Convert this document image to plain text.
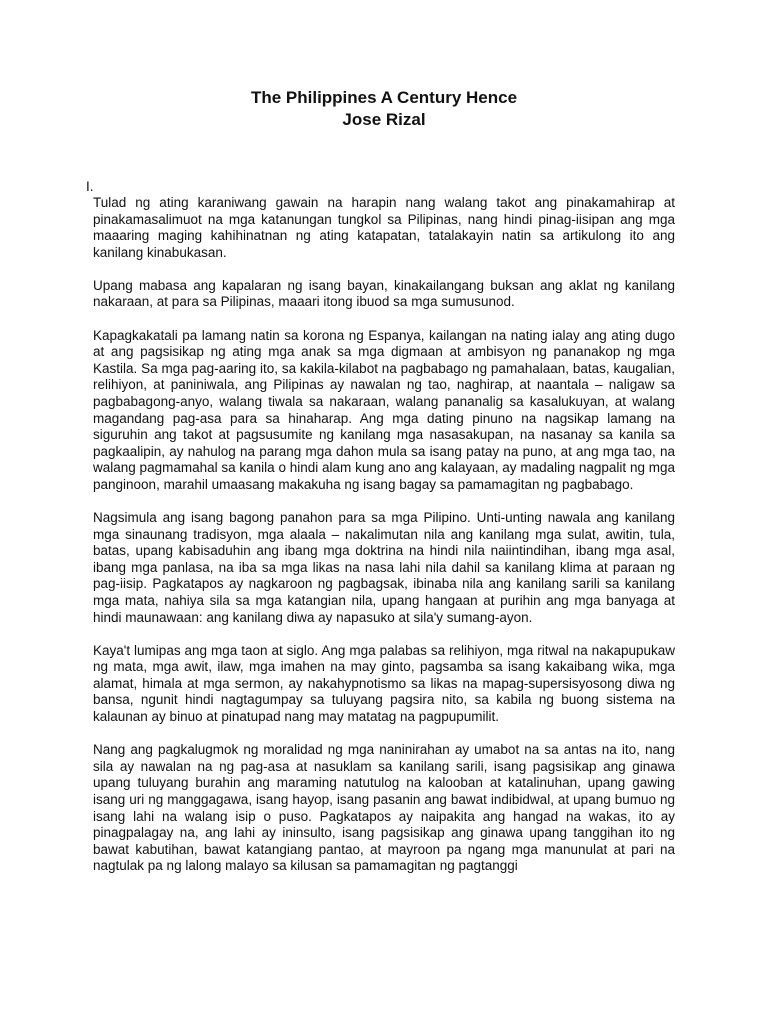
The Philippines A Century Hence
Jose Rizal
I.

Tulad ng ating karaniwang gawain na harapin nang walang takot ang pinakamahirap at pinakamasalimuot na mga katanungan tungkol sa Pilipinas, nang hindi pinag-iisipan ang mga maaaring maging kahihinatnan ng ating katapatan, tatalakayin natin sa artikulong ito ang kanilang kinabukasan.

Upang mabasa ang kapalaran ng isang bayan, kinakailangang buksan ang aklat ng kanilang nakaraan, at para sa Pilipinas, maaari itong ibuod sa mga sumusunod.

Kapagkakatali pa lamang natin sa korona ng Espanya, kailangan na nating ialay ang ating dugo at ang pagsisikap ng ating mga anak sa mga digmaan at ambisyon ng pananakop ng mga Kastila. Sa mga pag-aaring ito, sa kakila-kilabot na pagbabago ng pamahalaan, batas, kaugalian, relihiyon, at paniniwala, ang Pilipinas ay nawalan ng tao, naghirap, at naantala – naligaw sa pagbabagong-anyo, walang tiwala sa nakaraan, walang pananalig sa kasalukuyan, at walang magandang pag-asa para sa hinaharap. Ang mga dating pinuno na nagsikap lamang na siguruhin ang takot at pagsusumite ng kanilang mga nasasakupan, na nasanay sa kanila sa pagkaalipin, ay nahulog na parang mga dahon mula sa isang patay na puno, at ang mga tao, na walang pagmamahal sa kanila o hindi alam kung ano ang kalayaan, ay madaling nagpalit ng mga panginoon, marahil umaasang makakuha ng isang bagay sa pamamagitan ng pagbabago.

Nagsimula ang isang bagong panahon para sa mga Pilipino. Unti-unting nawala ang kanilang mga sinaunang tradisyon, mga alaala – nakalimutan nila ang kanilang mga sulat, awitin, tula, batas, upang kabisaduhin ang ibang mga doktrina na hindi nila naiintindihan, ibang mga asal, ibang mga panlasa, na iba sa mga likas na nasa lahi nila dahil sa kanilang klima at paraan ng pag-iisip. Pagkatapos ay nagkaroon ng pagbagsak, ibinaba nila ang kanilang sarili sa kanilang mga mata, nahiya sila sa mga katangian nila, upang hangaan at purihin ang mga banyaga at hindi maunawaan: ang kanilang diwa ay napasuko at sila'y sumang-ayon.

Kaya't lumipas ang mga taon at siglo. Ang mga palabas sa relihiyon, mga ritwal na nakapupukaw ng mata, mga awit, ilaw, mga imahen na may ginto, pagsamba sa isang kakaibang wika, mga alamat, himala at mga sermon, ay nakahypnotismo sa likas na mapag-supersisyosong diwa ng bansa, ngunit hindi nagtagumpay sa tuluyang pagsira nito, sa kabila ng buong sistema na kalaunan ay binuo at pinatupad nang may matatag na pagpupumilit.

Nang ang pagkalugmok ng moralidad ng mga naninirahan ay umabot na sa antas na ito, nang sila ay nawalan na ng pag-asa at nasuklam sa kanilang sarili, isang pagsisikap ang ginawa upang tuluyang burahin ang maraming natutulog na kalooban at katalinuhan, upang gawing isang uri ng manggagawa, isang hayop, isang pasanin ang bawat indibidwal, at upang bumuo ng isang lahi na walang isip o puso. Pagkatapos ay naipakita ang hangad na wakas, ito ay pinagpalagay na, ang lahi ay ininsulto, isang pagsisikap ang ginawa upang tanggihan ito ng bawat kabutihan, bawat katangiang pantao, at mayroon pa ngang mga manunulat at pari na nagtulak pa ng lalong malayo sa kilusan sa pamamagitan ng pagtanggi
